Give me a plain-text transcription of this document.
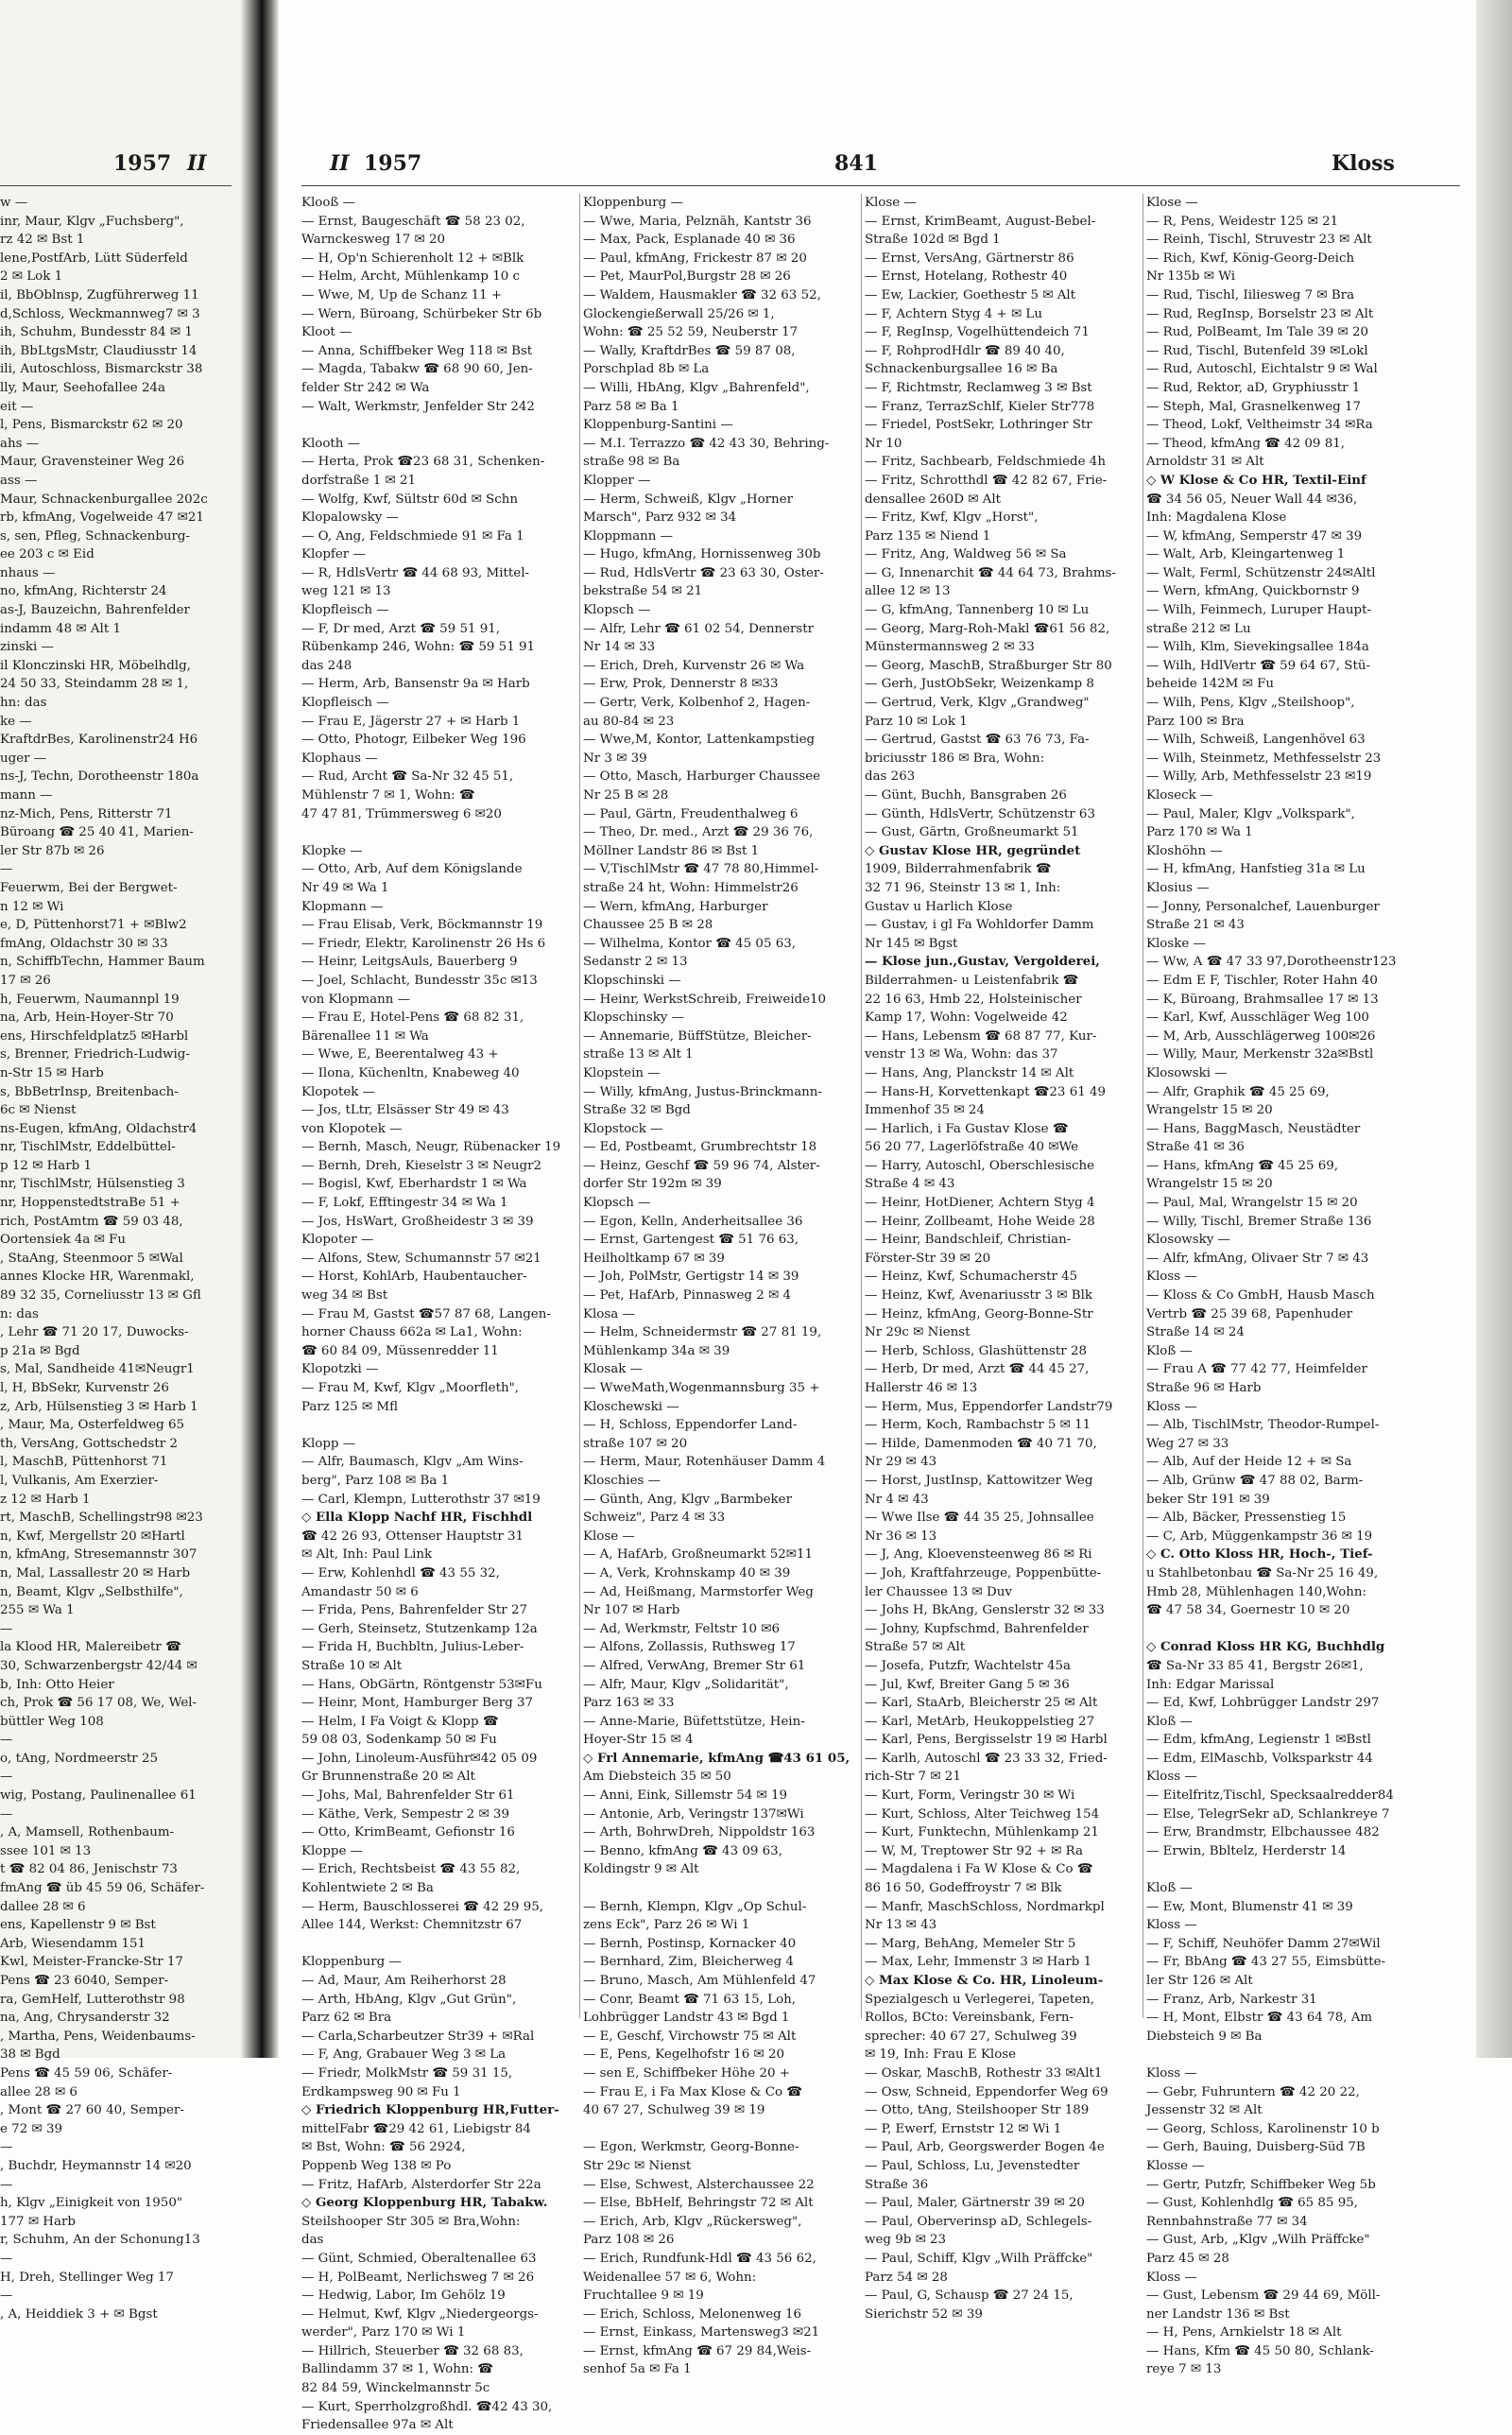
1957 II
w —
inr, Maur, Klgv „Fuchsberg",
rz 42 ✉ Bst 1
lene,PostfArb, Lütt Süderfeld
2 ✉ Lok 1
il, BbOblnsp, Zugführerweg 11
d,Schloss, Weckmannweg7 ✉ 3
ih, Schuhm, Bundesstr 84 ✉ 1
ih, BbLtgsMstr, Claudiusstr 14
ili, Autoschloss, Bismarckstr 38
lly, Maur, Seehofallee 24a
eit —
l, Pens, Bismarckstr 62 ✉ 20
ahs —
Maur, Gravensteiner Weg 26
ass —
Maur, Schnackenburgallee 202c
rb, kfmAng, Vogelweide 47 ✉21
s, sen, Pfleg, Schnackenburg-
ee 203 c ✉ Eid
nhaus —
no, kfmAng, Richterstr 24
as-J, Bauzeichn, Bahrenfelder
indamm 48 ✉ Alt 1
zinski —
il Klonczinski HR, Möbelhdlg,
24 50 33, Steindamm 28 ✉ 1,
hn: das
ke —
KraftdrBes, Karolinenstr24 H6
uger —
ns-J, Techn, Dorotheenstr 180a
mann —
nz-Mich, Pens, Ritterstr 71
Büroang ☎ 25 40 41, Marien-
ler Str 87b ✉ 26
—
Feuerwm, Bei der Bergwet-
n 12 ✉ Wi
e, D, Püttenhorst71 + ✉Blw2
fmAng, Oldachstr 30 ✉ 33
n, SchiffbTechn, Hammer Baum
17 ✉ 26
h, Feuerwm, Naumannpl 19
na, Arb, Hein-Hoyer-Str 70
ens, Hirschfeldplatz5 ✉Harbl
s, Brenner, Friedrich-Ludwig-
n-Str 15 ✉ Harb
s, BbBetrInsp, Breitenbach-
6c ✉ Nienst
ns-Eugen, kfmAng, Oldachstr4
nr, TischlMstr, Eddelbüttel-
p 12 ✉ Harb 1
nr, TischlMstr, Hülsenstieg 3
nr, HoppenstedtstraBe 51 +
rich, PostAmtm ☎ 59 03 48,
Oortensiek 4a ✉ Fu
, StaAng, Steenmoor 5 ✉Wal
annes Klocke HR, Warenmakl,
89 32 35, Corneliusstr 13 ✉ Gfl
n: das
, Lehr ☎ 71 20 17, Duwocks-
p 21a ✉ Bgd
s, Mal, Sandheide 41✉Neugr1
l, H, BbSekr, Kurvenstr 26
z, Arb, Hülsenstieg 3 ✉ Harb 1
, Maur, Ma, Osterfeldweg 65
th, VersAng, Gottschedstr 2
l, MaschB, Püttenhorst 71
l, Vulkanis, Am Exerzier-
z 12 ✉ Harb 1
rt, MaschB, Schellingstr98 ✉23
n, Kwf, Mergellstr 20 ✉Hartl
n, kfmAng, Stresemannstr 307
n, Mal, Lassallestr 20 ✉ Harb
n, Beamt, Klgv „Selbsthilfe",
255 ✉ Wa 1
—
la Klood HR, Malereibetr ☎
30, Schwarzenbergstr 42/44 ✉
b, Inh: Otto Heier
ch, Prok ☎ 56 17 08, We, Wel-
büttler Weg 108
—
o, tAng, Nordmeerstr 25
—
wig, Postang, Paulinenallee 61
—
, A, Mamsell, Rothenbaum-
ssee 101 ✉ 13
t ☎ 82 04 86, Jenischstr 73
fmAng ☎ üb 45 59 06, Schäfer-
dallee 28 ✉ 6
ens, Kapellenstr 9 ✉ Bst
Arb, Wiesendamm 151
Kwl, Meister-Francke-Str 17
Pens ☎ 23 6040, Semper-
ra, GemHelf, Lutterothstr 98
na, Ang, Chrysanderstr 32
, Martha, Pens, Weidenbaums-
38 ✉ Bgd
Pens ☎ 45 59 06, Schäfer-
allee 28 ✉ 6
, Mont ☎ 27 60 40, Semper-
e 72 ✉ 39
—
, Buchdr, Heymannstr 14 ✉20
—
h, Klgv „Einigkeit von 1950"
177 ✉ Harb
r, Schuhm, An der Schonung13
—
H, Dreh, Stellinger Weg 17
—
, A, Heiddiek 3 + ✉ Bgst
II 1957	841	Kloss
Klooß —
— Ernst, Baugeschäft ☎ 58 23 02,
Warnckesweg 17 ✉ 20
— H, Op'n Schierenholt 12 + ✉Blk
— Helm, Archt, Mühlenkamp 10 c
— Wwe, M, Up de Schanz 11 +
— Wern, Büroang, Schürbeker Str 6b
Kloot —
— Anna, Schiffbeker Weg 118 ✉ Bst
— Magda, Tabakw ☎ 68 90 60, Jen-
felder Str 242 ✉ Wa
— Walt, Werkmstr, Jenfelder Str 242

Klooth —
— Herta, Prok ☎23 68 31, Schenken-
dorfstraße 1 ✉ 21
— Wolfg, Kwf, Sültstr 60d ✉ Schn
Klopalowsky —
— O, Ang, Feldschmiede 91 ✉ Fa 1
Klopfer —
— R, HdlsVertr ☎ 44 68 93, Mittel-
weg 121 ✉ 13
Klopfleisch —
— F, Dr med, Arzt ☎ 59 51 91,
Rübenkamp 246, Wohn: ☎ 59 51 91
das 248
— Herm, Arb, Bansenstr 9a ✉ Harb
Klopfleisch —
— Frau E, Jägerstr 27 + ✉ Harb 1
— Otto, Photogr, Eilbeker Weg 196
Klophaus —
— Rud, Archt ☎ Sa-Nr 32 45 51,
Mühlenstr 7 ✉ 1, Wohn: ☎
47 47 81, Trümmersweg 6 ✉20

Klopke —
— Otto, Arb, Auf dem Königslande
Nr 49 ✉ Wa 1
Klopmann —
— Frau Elisab, Verk, Böckmannstr 19
— Friedr, Elektr, Karolinenstr 26 Hs 6
— Heinr, LeitgsAuls, Bauerberg 9
— Joel, Schlacht, Bundesstr 35c ✉13
von Klopmann —
— Frau E, Hotel-Pens ☎ 68 82 31,
Bärenallee 11 ✉ Wa
— Wwe, E, Beerentalweg 43 +
— Ilona, Küchenltn, Knabeweg 40
Klopotek —
— Jos, tLtr, Elsässer Str 49 ✉ 43
von Klopotek —
— Bernh, Masch, Neugr, Rübenacker 19
— Bernh, Dreh, Kieselstr 3 ✉ Neugr2
— Bogisl, Kwf, Eberhardstr 1 ✉ Wa
— F, Lokf, Efftingestr 34 ✉ Wa 1
— Jos, HsWart, Großheidestr 3 ✉ 39
Klopoter —
— Alfons, Stew, Schumannstr 57 ✉21
— Horst, KohlArb, Haubentaucher-
weg 34 ✉ Bst
— Frau M, Gastst ☎57 87 68, Langen-
horner Chauss 662a ✉ La1, Wohn:
☎ 60 84 09, Müssenredder 11
Klopotzki —
— Frau M, Kwf, Klgv „Moorfleth",
Parz 125 ✉ Mfl

Klopp —
— Alfr, Baumasch, Klgv „Am Wins-
berg", Parz 108 ✉ Ba 1
— Carl, Klempn, Lutterothstr 37 ✉19
◇ Ella Klopp Nachf HR, Fischhdl
☎ 42 26 93, Ottenser Hauptstr 31
✉ Alt, Inh: Paul Link
— Erw, Kohlenhdl ☎ 43 55 32,
Amandastr 50 ✉ 6
— Frida, Pens, Bahrenfelder Str 27
— Gerh, Steinsetz, Stutzenkamp 12a
— Frida H, Buchbltn, Julius-Leber-
Straße 10 ✉ Alt
— Hans, ObGärtn, Röntgenstr 53✉Fu
— Heinr, Mont, Hamburger Berg 37
— Helm, I Fa Voigt & Klopp ☎
59 08 03, Sodenkamp 50 ✉ Fu
— John, Linoleum-Ausführ✉42 05 09
Gr Brunnenstraße 20 ✉ Alt
— Johs, Mal, Bahrenfelder Str 61
— Käthe, Verk, Sempestr 2 ✉ 39
— Otto, KrimBeamt, Gefionstr 16
Kloppe —
— Erich, Rechtsbeist ☎ 43 55 82,
Kohlentwiete 2 ✉ Ba
— Herm, Bauschlosserei ☎ 42 29 95,
Allee 144, Werkst: Chemnitzstr 67

Kloppenburg —
— Ad, Maur, Am Reiherhorst 28
— Arth, HbAng, Klgv „Gut Grün",
Parz 62 ✉ Bra
— Carla,Scharbeutzer Str39 + ✉Ral
— F, Ang, Grabauer Weg 3 ✉ La
— Friedr, MolkMstr ☎ 59 31 15,
Erdkampsweg 90 ✉ Fu 1
◇ Friedrich Kloppenburg HR,Futter-
mittelFabr ☎29 42 61, Liebigstr 84
✉ Bst, Wohn: ☎ 56 2924,
Poppenb Weg 138 ✉ Po
— Fritz, HafArb, Alsterdorfer Str 22a
◇ Georg Kloppenburg HR, Tabakw.
Steilshooper Str 305 ✉ Bra,Wohn:
das
— Günt, Schmied, Oberaltenallee 63
— H, PolBeamt, Nerlichsweg 7 ✉ 26
— Hedwig, Labor, Im Gehölz 19
— Helmut, Kwf, Klgv „Niedergeorgs-
werder", Parz 170 ✉ Wi 1
— Hillrich, Steuerber ☎ 32 68 83,
Ballindamm 37 ✉ 1, Wohn: ☎
82 84 59, Winckelmannstr 5c
— Kurt, Sperrholzgroßhdl. ☎42 43 30,
Friedensallee 97a ✉ Alt
Kloppenburg —
— Wwe, Maria, Pelznäh, Kantstr 36
— Max, Pack, Esplanade 40 ✉ 36
— Paul, kfmAng, Frickestr 87 ✉ 20
— Pet, MaurPol,Burgstr 28 ✉ 26
— Waldem, Hausmakler ☎ 32 63 52,
Glockengießerwall 25/26 ✉ 1,
Wohn: ☎ 25 52 59, Neuberstr 17
— Wally, KraftdrBes ☎ 59 87 08,
Porschplad 8b ✉ La
— Willi, HbAng, Klgv „Bahrenfeld",
Parz 58 ✉ Ba 1
Kloppenburg-Santini —
— M.I. Terrazzo ☎ 42 43 30, Behring-
straße 98 ✉ Ba
Klopper —
— Herm, Schweiß, Klgv „Horner
Marsch", Parz 932 ✉ 34
Kloppmann —
— Hugo, kfmAng, Hornissenweg 30b
— Rud, HdlsVertr ☎ 23 63 30, Oster-
bekstraße 54 ✉ 21
Klopsch —
— Alfr, Lehr ☎ 61 02 54, Dennerstr
Nr 14 ✉ 33
— Erich, Dreh, Kurvenstr 26 ✉ Wa
— Erw, Prok, Dennerstr 8 ✉33
— Gertr, Verk, Kolbenhof 2, Hagen-
au 80-84 ✉ 23
— Wwe,M, Kontor, Lattenkampstieg
Nr 3 ✉ 39
— Otto, Masch, Harburger Chaussee
Nr 25 B ✉ 28
— Paul, Gärtn, Freudenthalweg 6
— Theo, Dr. med., Arzt ☎ 29 36 76,
Möllner Landstr 86 ✉ Bst 1
— V,TischlMstr ☎ 47 78 80,Himmel-
straße 24 ht, Wohn: Himmelstr26
— Wern, kfmAng, Harburger
Chaussee 25 B ✉ 28
— Wilhelma, Kontor ☎ 45 05 63,
Sedanstr 2 ✉ 13
Klopschinski —
— Heinr, WerkstSchreib, Freiweide10
Klopschinsky —
— Annemarie, BüffStütze, Bleicher-
straße 13 ✉ Alt 1
Klopstein —
— Willy, kfmAng, Justus-Brinckmann-
Straße 32 ✉ Bgd
Klopstock —
— Ed, Postbeamt, Grumbrechtstr 18
— Heinz, Geschf ☎ 59 96 74, Alster-
dorfer Str 192m ✉ 39
Klopsch —
— Egon, Kelln, Anderheitsallee 36
— Ernst, Gartengest ☎ 51 76 63,
Heilholtkamp 67 ✉ 39
— Joh, PolMstr, Gertigstr 14 ✉ 39
— Pet, HafArb, Pinnasweg 2 ✉ 4
Klosa —
— Helm, Schneidermstr ☎ 27 81 19,
Mühlenkamp 34a ✉ 39
Klosak —
— WweMath,Wogenmannsburg 35 +
Kloschewski —
— H, Schloss, Eppendorfer Land-
straße 107 ✉ 20
— Herm, Maur, Rotenhäuser Damm 4
Kloschies —
— Günth, Ang, Klgv „Barmbeker
Schweiz", Parz 4 ✉ 33
Klose —
— A, HafArb, Großneumarkt 52✉11
— A, Verk, Krohnskamp 40 ✉ 39
— Ad, Heißmang, Marmstorfer Weg
Nr 107 ✉ Harb
— Ad, Werkmstr, Feltstr 10 ✉6
— Alfons, Zollassis, Ruthsweg 17
— Alfred, VerwAng, Bremer Str 61
— Alfr, Maur, Klgv „Solidarität",
Parz 163 ✉ 33
— Anne-Marie, Büfettstütze, Hein-
Hoyer-Str 15 ✉ 4
◇ Frl Annemarie, kfmAng ☎43 61 05,
Am Diebsteich 35 ✉ 50
— Anni, Eink, Sillemstr 54 ✉ 19
— Antonie, Arb, Veringstr 137✉Wi
— Arth, BohrwDreh, Nippoldstr 163
— Benno, kfmAng ☎ 43 09 63,
Koldingstr 9 ✉ Alt

— Bernh, Klempn, Klgv „Op Schul-
zens Eck", Parz 26 ✉ Wi 1
— Bernh, Postinsp, Kornacker 40
— Bernhard, Zim, Bleicherweg 4
— Bruno, Masch, Am Mühlenfeld 47
— Conr, Beamt ☎ 71 63 15, Loh,
Lohbrügger Landstr 43 ✉ Bgd 1
— E, Geschf, Virchowstr 75 ✉ Alt
— E, Pens, Kegelhofstr 16 ✉ 20
— sen E, Schiffbeker Höhe 20 +
— Frau E, i Fa Max Klose & Co ☎
40 67 27, Schulweg 39 ✉ 19

— Egon, Werkmstr, Georg-Bonne-
Str 29c ✉ Nienst
— Else, Schwest, Alsterchaussee 22
— Else, BbHelf, Behringstr 72 ✉ Alt
— Erich, Arb, Klgv „Rückersweg",
Parz 108 ✉ 26
— Erich, Rundfunk-Hdl ☎ 43 56 62,
Weidenallee 57 ✉ 6, Wohn:
Fruchtallee 9 ✉ 19
— Erich, Schloss, Melonenweg 16
— Ernst, Einkass, Martensweg3 ✉21
— Ernst, kfmAng ☎ 67 29 84,Weis-
senhof 5a ✉ Fa 1
Klose —
— Ernst, KrimBeamt, August-Bebel-
Straße 102d ✉ Bgd 1
— Ernst, VersAng, Gärtnerstr 86
— Ernst, Hotelang, Rothestr 40
— Ew, Lackier, Goethestr 5 ✉ Alt
— F, Achtern Styg 4 + ✉ Lu
— F, RegInsp, Vogelhüttendeich 71
— F, RohprodHdlr ☎ 89 40 40,
Schnackenburgsallee 16 ✉ Ba
— F, Richtmstr, Reclamweg 3 ✉ Bst
— Franz, TerrazSchlf, Kieler Str778
— Friedel, PostSekr, Lothringer Str
Nr 10
— Fritz, Sachbearb, Feldschmiede 4h
— Fritz, Schrotthdl ☎ 42 82 67, Frie-
densallee 260D ✉ Alt
— Fritz, Kwf, Klgv „Horst",
Parz 135 ✉ Niend 1
— Fritz, Ang, Waldweg 56 ✉ Sa
— G, Innenarchit ☎ 44 64 73, Brahms-
allee 12 ✉ 13
— G, kfmAng, Tannenberg 10 ✉ Lu
— Georg, Marg-Roh-Makl ☎61 56 82,
Münstermannsweg 2 ✉ 33
— Georg, MaschB, Straßburger Str 80
— Gerh, JustObSekr, Weizenkamp 8
— Gertrud, Verk, Klgv „Grandweg"
Parz 10 ✉ Lok 1
— Gertrud, Gastst ☎ 63 76 73, Fa-
briciusstr 186 ✉ Bra, Wohn:
das 263
— Günt, Buchh, Bansgraben 26
— Günth, HdlsVertr, Schützenstr 63
— Gust, Gärtn, Großneumarkt 51
◇ Gustav Klose HR, gegründet
1909, Bilderrahmenfabrik ☎
32 71 96, Steinstr 13 ✉ 1, Inh:
Gustav u Harlich Klose
— Gustav, i gl Fa Wohldorfer Damm
Nr 145 ✉ Bgst
— Klose jun.,Gustav, Vergolderei,
Bilderrahmen- u Leistenfabrik ☎
22 16 63, Hmb 22, Holsteinischer
Kamp 17, Wohn: Vogelweide 42
— Hans, Lebensm ☎ 68 87 77, Kur-
venstr 13 ✉ Wa, Wohn: das 37
— Hans, Ang, Planckstr 14 ✉ Alt
— Hans-H, Korvettenkapt ☎23 61 49
Immenhof 35 ✉ 24
— Harlich, i Fa Gustav Klose ☎
56 20 77, Lagerlöfstraße 40 ✉We
— Harry, Autoschl, Oberschlesische
Straße 4 ✉ 43
— Heinr, HotDiener, Achtern Styg 4
— Heinr, Zollbeamt, Hohe Weide 28
— Heinr, Bandschleif, Christian-
Förster-Str 39 ✉ 20
— Heinz, Kwf, Schumacherstr 45
— Heinz, Kwf, Avenariusstr 3 ✉ Blk
— Heinz, kfmAng, Georg-Bonne-Str
Nr 29c ✉ Nienst
— Herb, Schloss, Glashüttenstr 28
— Herb, Dr med, Arzt ☎ 44 45 27,
Hallerstr 46 ✉ 13
— Herm, Mus, Eppendorfer Landstr79
— Herm, Koch, Rambachstr 5 ✉ 11
— Hilde, Damenmoden ☎ 40 71 70,
Nr 29 ✉ 43
— Horst, JustInsp, Kattowitzer Weg
Nr 4 ✉ 43
— Wwe Ilse ☎ 44 35 25, Johnsallee
Nr 36 ✉ 13
— J, Ang, Kloevensteenweg 86 ✉ Ri
— Joh, Kraftfahrzeuge, Poppenbütte-
ler Chaussee 13 ✉ Duv
— Johs H, BkAng, Genslerstr 32 ✉ 33
— Johny, Kupfschmd, Bahrenfelder
Straße 57 ✉ Alt
— Josefa, Putzfr, Wachtelstr 45a
— Jul, Kwf, Breiter Gang 5 ✉ 36
— Karl, StaArb, Bleicherstr 25 ✉ Alt
— Karl, MetArb, Heukoppelstieg 27
— Karl, Pens, Bergisselstr 19 ✉ Harbl
— Karlh, Autoschl ☎ 23 33 32, Fried-
rich-Str 7 ✉ 21
— Kurt, Form, Veringstr 30 ✉ Wi
— Kurt, Schloss, Alter Teichweg 154
— Kurt, Funktechn, Mühlenkamp 21
— W, M, Treptower Str 92 + ✉ Ra
— Magdalena i Fa W Klose & Co ☎
86 16 50, Godeffroystr 7 ✉ Blk
— Manfr, MaschSchloss, Nordmarkpl
Nr 13 ✉ 43
— Marg, BehAng, Memeler Str 5
— Max, Lehr, Immenstr 3 ✉ Harb 1
◇ Max Klose & Co. HR, Linoleum-
Spezialgesch u Verlegerei, Tapeten,
Rollos, BCto: Vereinsbank, Fern-
sprecher: 40 67 27, Schulweg 39
✉ 19, Inh: Frau E Klose
— Oskar, MaschB, Rothestr 33 ✉Alt1
— Osw, Schneid, Eppendorfer Weg 69
— Otto, tAng, Steilshooper Str 189
— P, Ewerf, Ernststr 12 ✉ Wi 1
— Paul, Arb, Georgswerder Bogen 4e
— Paul, Schloss, Lu, Jevenstedter
Straße 36
— Paul, Maler, Gärtnerstr 39 ✉ 20
— Paul, Oberverinsp aD, Schlegels-
weg 9b ✉ 23
— Paul, Schiff, Klgv „Wilh Präffcke"
Parz 54 ✉ 28
— Paul, G, Schausp ☎ 27 24 15,
Sierichstr 52 ✉ 39
Klose —
— R, Pens, Weidestr 125 ✉ 21
— Reinh, Tischl, Struvestr 23 ✉ Alt
— Rich, Kwf, König-Georg-Deich
Nr 135b ✉ Wi
— Rud, Tischl, Iiliesweg 7 ✉ Bra
— Rud, RegInsp, Borselstr 23 ✉ Alt
— Rud, PolBeamt, Im Tale 39 ✉ 20
— Rud, Tischl, Butenfeld 39 ✉Lokl
— Rud, Autoschl, Eichtalstr 9 ✉ Wal
— Rud, Rektor, aD, Gryphiusstr 1
— Steph, Mal, Grasnelkenweg 17
— Theod, Lokf, Veltheimstr 34 ✉Ra
— Theod, kfmAng ☎ 42 09 81,
Arnoldstr 31 ✉ Alt
◇ W Klose & Co HR, Textil-Einf
☎ 34 56 05, Neuer Wall 44 ✉36,
Inh: Magdalena Klose
— W, kfmAng, Semperstr 47 ✉ 39
— Walt, Arb, Kleingartenweg 1
— Walt, Ferml, Schützenstr 24✉Altl
— Wern, kfmAng, Quickbornstr 9
— Wilh, Feinmech, Luruper Haupt-
straße 212 ✉ Lu
— Wilh, Klm, Sievekingsallee 184a
— Wilh, HdlVertr ☎ 59 64 67, Stü-
beheide 142M ✉ Fu
— Wilh, Pens, Klgv „Steilshoop",
Parz 100 ✉ Bra
— Wilh, Schweiß, Langenhövel 63
— Wilh, Steinmetz, Methfesselstr 23
— Willy, Arb, Methfesselstr 23 ✉19
Kloseck —
— Paul, Maler, Klgv „Volkspark",
Parz 170 ✉ Wa 1
Kloshöhn —
— H, kfmAng, Hanfstieg 31a ✉ Lu
Klosius —
— Jonny, Personalchef, Lauenburger
Straße 21 ✉ 43
Kloske —
— Ww, A ☎ 47 33 97,Dorotheenstr123
— Edm E F, Tischler, Roter Hahn 40
— K, Büroang, Brahmsallee 17 ✉ 13
— Karl, Kwf, Ausschläger Weg 100
— M, Arb, Ausschlägerweg 100✉26
— Willy, Maur, Merkenstr 32a✉Bstl
Klosowski —
— Alfr, Graphik ☎ 45 25 69,
Wrangelstr 15 ✉ 20
— Hans, BaggMasch, Neustädter
Straße 41 ✉ 36
— Hans, kfmAng ☎ 45 25 69,
Wrangelstr 15 ✉ 20
— Paul, Mal, Wrangelstr 15 ✉ 20
— Willy, Tischl, Bremer Straße 136
Klosowsky —
— Alfr, kfmAng, Olivaer Str 7 ✉ 43
Kloss —
— Kloss & Co GmbH, Hausb Masch
Vertrb ☎ 25 39 68, Papenhuder
Straße 14 ✉ 24
Kloß —
— Frau A ☎ 77 42 77, Heimfelder
Straße 96 ✉ Harb
Kloss —
— Alb, TischlMstr, Theodor-Rumpel-
Weg 27 ✉ 33
— Alb, Auf der Heide 12 + ✉ Sa
— Alb, Grünw ☎ 47 88 02, Barm-
beker Str 191 ✉ 39
— Alb, Bäcker, Pressenstieg 15
— C, Arb, Müggenkampstr 36 ✉ 19
◇ C. Otto Kloss HR, Hoch-, Tief-
u Stahlbetonbau ☎ Sa-Nr 25 16 49,
Hmb 28, Mühlenhagen 140,Wohn:
☎ 47 58 34, Goernestr 10 ✉ 20

◇ Conrad Kloss HR KG, Buchhdlg
☎ Sa-Nr 33 85 41, Bergstr 26✉1,
Inh: Edgar Marissal
— Ed, Kwf, Lohbrügger Landstr 297
Kloß —
— Edm, kfmAng, Legienstr 1 ✉Bstl
— Edm, ElMaschb, Volksparkstr 44
Kloss —
— Eitelfritz,Tischl, Specksaalredder84
— Else, TelegrSekr aD, Schlankreye 7
— Erw, Brandmstr, Elbchaussee 482
— Erwin, Bbltelz, Herderstr 14

Kloß —
— Ew, Mont, Blumenstr 41 ✉ 39
Kloss —
— F, Schiff, Neuhöfer Damm 27✉Wil
— Fr, BbAng ☎ 43 27 55, Eimsbütte-
ler Str 126 ✉ Alt
— Franz, Arb, Narkestr 31
— H, Mont, Elbstr ☎ 43 64 78, Am
Diebsteich 9 ✉ Ba

Kloss —
— Gebr, Fuhruntern ☎ 42 20 22,
Jessenstr 32 ✉ Alt
— Georg, Schloss, Karolinenstr 10 b
— Gerh, Bauing, Duisberg-Süd 7B
Klosse —
— Gertr, Putzfr, Schiffbeker Weg 5b
— Gust, Kohlenhdlg ☎ 65 85 95,
Rennbahnstraße 77 ✉ 34
— Gust, Arb, „Klgv „Wilh Präffcke"
Parz 45 ✉ 28
Kloss —
— Gust, Lebensm ☎ 29 44 69, Möll-
ner Landstr 136 ✉ Bst
— H, Pens, Arnkielstr 18 ✉ Alt
— Hans, Kfm ☎ 45 50 80, Schlank-
reye 7 ✉ 13
